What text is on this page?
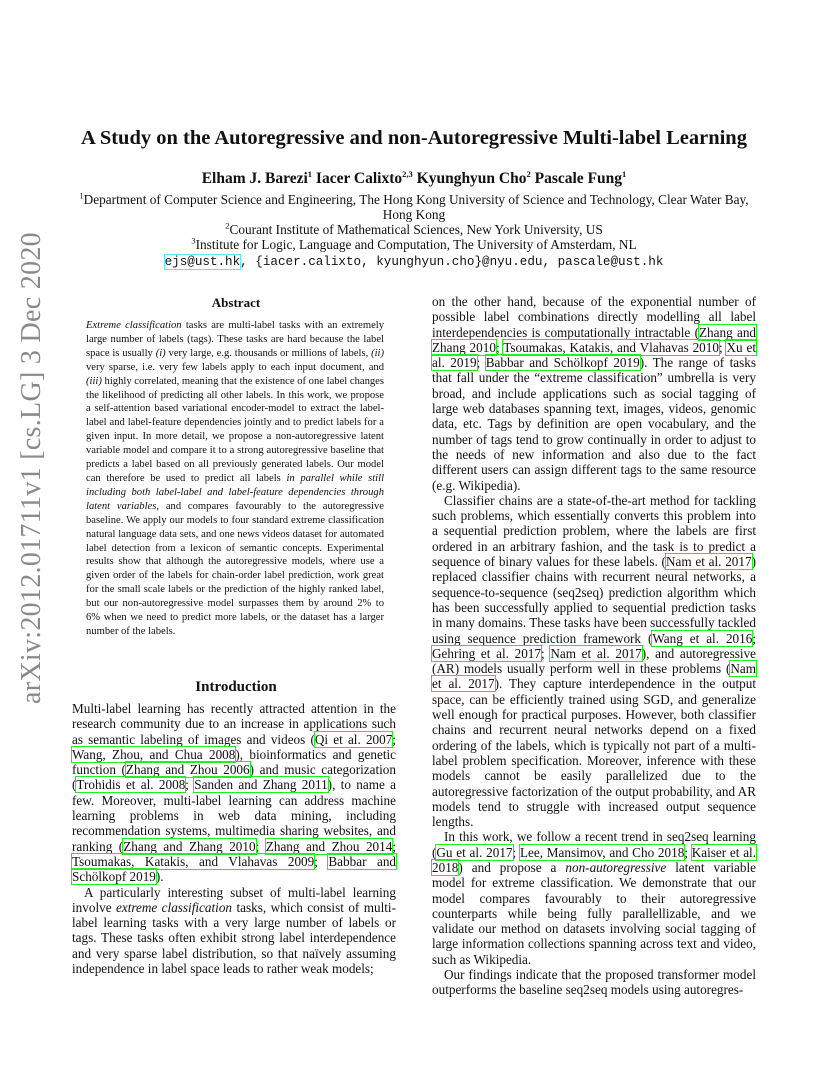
arXiv:2012.01711v1 [cs.LG] 3 Dec 2020
A Study on the Autoregressive and non-Autoregressive Multi-label Learning
Elham J. Barezi$^1$ Iacer Calixto$^{2,3}$ Kyunghyun Cho$^2$ Pascale Fung$^1$
$^1$Department of Computer Science and Engineering, The Hong Kong University of Science and Technology, Clear Water Bay,
Hong Kong
$^2$Courant Institute of Mathematical Sciences, New York University, US
$^3$Institute for Logic, Language and Computation, The University of Amsterdam, NL
ejs@ust.hk, {iacer.calixto, kyunghyun.cho}@nyu.edu, pascale@ust.hk
Abstract
Extreme classification tasks are multi-label tasks with an extremely large number of labels (tags). These tasks are hard because the label space is usually (i) very large, e.g. thousands or millions of labels, (ii) very sparse, i.e. very few labels apply to each input document, and (iii) highly correlated, meaning that the existence of one label changes the likelihood of predicting all other labels. In this work, we propose a self-attention based variational encoder-model to extract the label-label and label-feature dependencies jointly and to predict labels for a given input. In more detail, we propose a non-autoregressive latent variable model and compare it to a strong autoregressive baseline that predicts a label based on all previously generated labels. Our model can therefore be used to predict all labels in parallel while still including both label-label and label-feature dependencies through latent variables, and compares favourably to the autoregressive baseline. We apply our models to four standard extreme classification natural language data sets, and one news videos dataset for automated label detection from a lexicon of semantic concepts. Experimental results show that although the autoregressive models, where use a given order of the labels for chain-order label prediction, work great for the small scale labels or the prediction of the highly ranked label, but our non-autoregressive model surpasses them by around 2% to 6% when we need to predict more labels, or the dataset has a larger number of the labels.
Introduction

Multi-label learning has recently attracted attention in the research community due to an increase in applications such as semantic labeling of images and videos (Qi et al. 2007; Wang, Zhou, and Chua 2008), bioinformatics and genetic function (Zhang and Zhou 2006) and music categorization (Trohidis et al. 2008; Sanden and Zhang 2011), to name a few. Moreover, multi-label learning can address machine learning problems in web data mining, including recommendation systems, multimedia sharing websites, and ranking (Zhang and Zhang 2010; Zhang and Zhou 2014; Tsoumakas, Katakis, and Vlahavas 2009; Babbar and Schölkopf 2019).

A particularly interesting subset of multi-label learning involve extreme classification tasks, which consist of multi-label learning tasks with a very large number of labels or tags. These tasks often exhibit strong label interdependence and very sparse label distribution, so that naïvely assuming independence in label space leads to rather weak models;

on the other hand, because of the exponential number of possible label combinations directly modelling all label interdependencies is computationally intractable (Zhang and Zhang 2010; Tsoumakas, Katakis, and Vlahavas 2010; Xu et al. 2019; Babbar and Schölkopf 2019). The range of tasks that fall under the “extreme classification” umbrella is very broad, and include applications such as social tagging of large web databases spanning text, images, videos, genomic data, etc. Tags by definition are open vocabulary, and the number of tags tend to grow continually in order to adjust to the needs of new information and also due to the fact different users can assign different tags to the same resource (e.g. Wikipedia).

Classifier chains are a state-of-the-art method for tackling such problems, which essentially converts this problem into a sequential prediction problem, where the labels are first ordered in an arbitrary fashion, and the task is to predict a sequence of binary values for these labels. (Nam et al. 2017) replaced classifier chains with recurrent neural networks, a sequence-to-sequence (seq2seq) prediction algorithm which has been successfully applied to sequential prediction tasks in many domains. These tasks have been successfully tackled using sequence prediction framework (Wang et al. 2016; Gehring et al. 2017; Nam et al. 2017), and autoregressive (AR) models usually perform well in these problems (Nam et al. 2017). They capture interdependence in the output space, can be efficiently trained using SGD, and generalize well enough for practical purposes. However, both classifier chains and recurrent neural networks depend on a fixed ordering of the labels, which is typically not part of a multi-label problem specification. Moreover, inference with these models cannot be easily parallelized due to the autoregressive factorization of the output probability, and AR models tend to struggle with increased output sequence lengths.

In this work, we follow a recent trend in seq2seq learning (Gu et al. 2017; Lee, Mansimov, and Cho 2018; Kaiser et al. 2018) and propose a non-autoregressive latent variable model for extreme classification. We demonstrate that our model compares favourably to their autoregressive counterparts while being fully parallellizable, and we validate our method on datasets involving social tagging of large information collections spanning across text and video, such as Wikipedia.

Our findings indicate that the proposed transformer model outperforms the baseline seq2seq models using autoregres-
